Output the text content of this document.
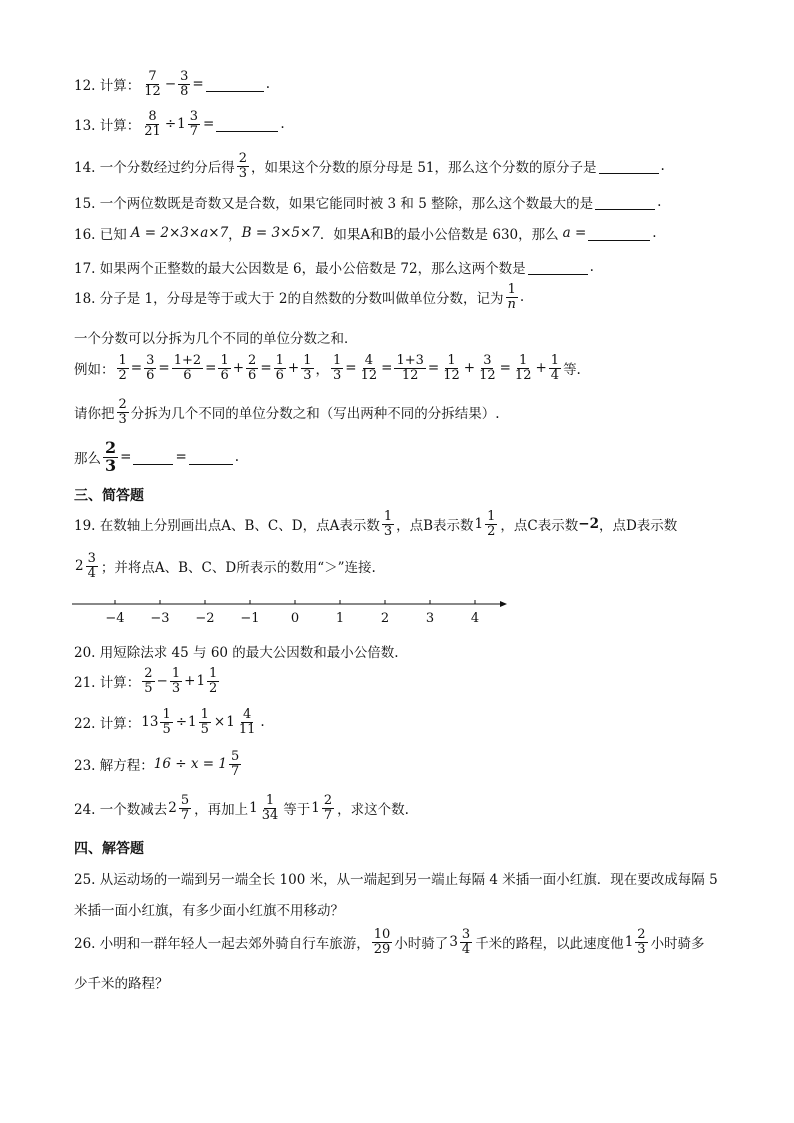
12. 计算： $\frac{7}{12} - \frac{3}{8}$ =	.
13. 计算： $\frac{8}{21} \div 1 \frac{3}{7}$ =	.
14. 一个分数经过约分后得 $\frac{2}{3}$ ，如果这个分数的原分母是 51，那么这个分数的原分子是	.
15. 一个两位数既是奇数又是合数，如果它能同时被 3 和 5 整除，那么这个数最大的是	.
16. 已知 A = 2×3×a×7 ， B = 3×5×7 ．如果A和B的最小公倍数是 630，那么 a =	.
17. 如果两个正整数的最大公因数是 6，最小公倍数是 72，那么这两个数是	.
18. 分子是 1，分母是等于或大于 2的自然数的分数叫做单位分数，记为 $\frac{1}{n}$ .
一个分数可以分拆为几个不同的单位分数之和．
例如： $\frac{1}{2} = \frac{3}{6} = \frac{1+2}{6} = \frac{1}{6} + \frac{2}{6} = \frac{1}{6} + \frac{1}{3}$ ， $\frac{1}{3} = \frac{4}{12} = \frac{1+3}{12} = \frac{1}{12} + \frac{3}{12} = \frac{1}{12} + \frac{1}{4}$ 等.
请你把 $\frac{2}{3}$ 分拆为几个不同的单位分数之和（写出两种不同的分拆结果）.
那么 $\frac{2}{3}$ =	=	.
三、简答题
19. 在数轴上分别画出点A、B、C、D，点A表示数 $\frac{1}{3}$ ，点B表示数 $1 \frac{1}{2}$ ，点C表示数 −2 ，点D表示数
$2 \frac{3}{4}$ ；并将点A、B、C、D所表示的数用“＞”连接.
−4 −3 −2 −1 0	1	2	3	4
20. 用短除法求 45 与 60 的最大公因数和最小公倍数.
21. 计算： $\frac{2}{5} - \frac{1}{3} + 1 \frac{1}{2}$
22. 计算： $13 \frac{1}{5} \div 1 \frac{1}{5} \times 1 \frac{4}{11}$ .
23. 解方程： $16 \div x = 1 \frac{5}{7}$
24. 一个数减去 $2 \frac{5}{7}$ ，再加上 $1 \frac{1}{34}$ 等于 $1 \frac{2}{7}$ ，求这个数.
四、解答题
25. 从运动场的一端到另一端全长 100 米，从一端起到另一端止每隔 4 米插一面小红旗．现在要改成每隔 5
米插一面小红旗，有多少面小红旗不用移动？
26. 小明和一群年轻人一起去郊外骑自行车旅游， $\frac{10}{29}$ 小时骑了 $3 \frac{3}{4}$ 千米的路程，以此速度他 $1 \frac{2}{3}$ 小时骑多
少千米的路程？
